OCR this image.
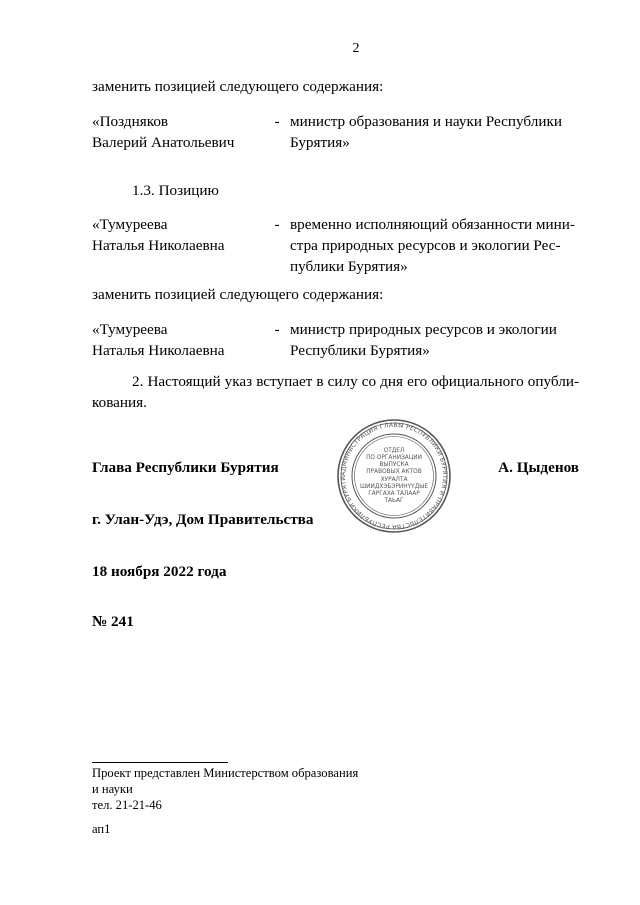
2
заменить позицией следующего содержания:
«Поздняков
Валерий Анатольевич
- министр образования и науки Республики
Бурятия»
1.3. Позицию
«Тумуреева
Наталья Николаевна
- временно исполняющий обязанности мини-
стра природных ресурсов и экологии Рес-
публики Бурятия»
заменить позицией следующего содержания:
«Тумуреева
Наталья Николаевна
- министр природных ресурсов и экологии
Республики Бурятия»
2. Настоящий указ вступает в силу со дня его официального опубли-
кования.
АДМИНИСТРАЦИЯ ГЛАВЫ РЕСПУБЛИКИ БУРЯТИЯ И ПРАВИТЕЛЬСТВА РЕСПУБЛИКИ БУРЯТИ
ОТДЕЛ
ПО ОРГАНИЗАЦИИ
ВЫПУСКА
ПРАВОВЫХ АКТОВ
ХУРАЛТА
ШИИДХЭБЭРИНҮҮДЫЕ
ГАРГАХА ТАЛААР
ТАЬАГ
Глава Республики Бурятия	А. Цыденов
г. Улан-Удэ, Дом Правительства
18 ноября 2022 года
№ 241
Проект представлен Министерством образования
и науки
тел. 21-21-46
ап1
